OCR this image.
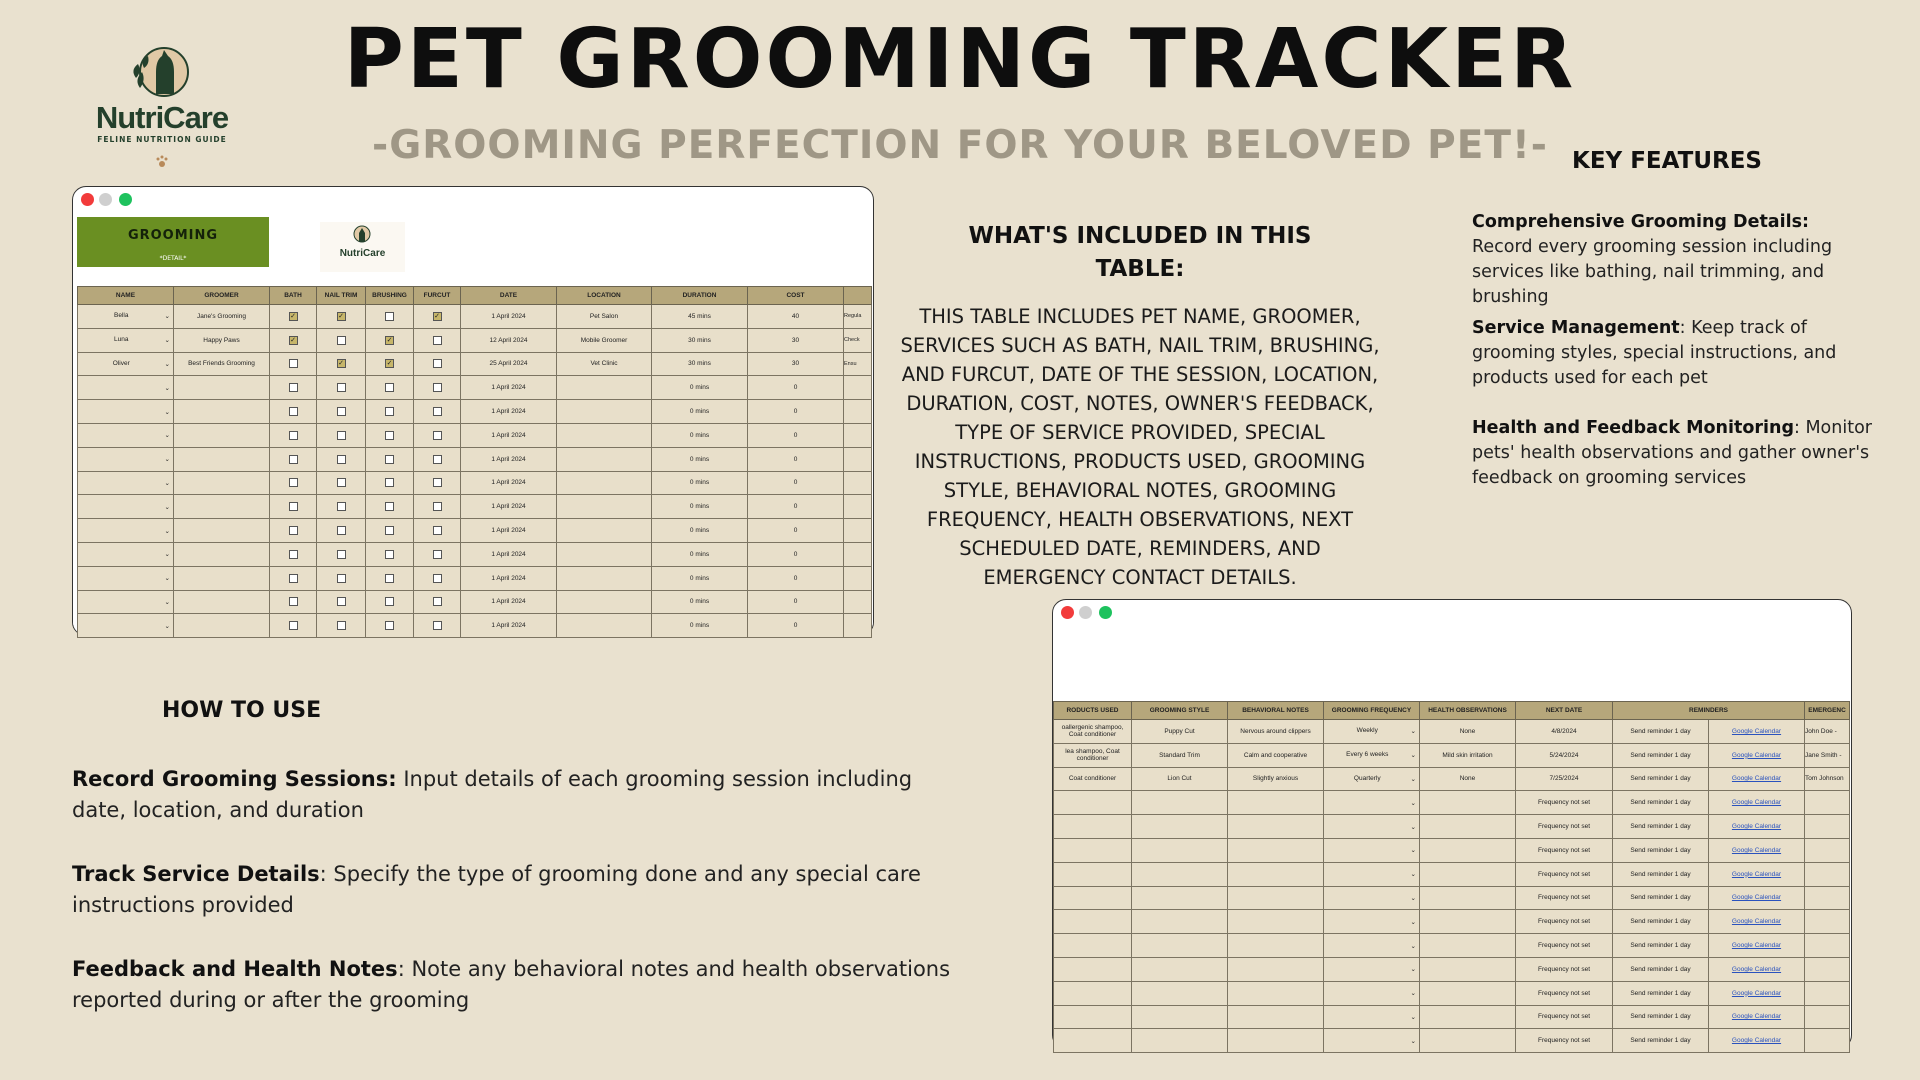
PET GROOMING TRACKER
-GROOMING PERFECTION FOR YOUR BELOVED PET!-
NutriCare
FELINE NUTRITION GUIDE
GROOMING
*DETAIL*	NutriCare
NAME	GROOMER	BATH	NAIL TRIM	BRUSHING	FURCUT	DATE	LOCATION	DURATION	COST	
Bella ⌄	Jane's Grooming	✓	✓		✓	1 April 2024	Pet Salon	45 mins	40	Regula
Luna ⌄	Happy Paws	✓		✓		12 April 2024	Mobile Groomer	30 mins	30	Check
Oliver ⌄	Best Friends Grooming		✓	✓		25 April 2024	Vet Clinic	30 mins	30	Ensu

⌄						1 April 2024		0 mins	0	

⌄						1 April 2024		0 mins	0	

⌄						1 April 2024		0 mins	0	

⌄						1 April 2024		0 mins	0	

⌄						1 April 2024		0 mins	0	

⌄						1 April 2024		0 mins	0	

⌄						1 April 2024		0 mins	0	

⌄						1 April 2024		0 mins	0	

⌄						1 April 2024		0 mins	0	

⌄						1 April 2024		0 mins	0	

⌄						1 April 2024		0 mins	0	
WHAT'S INCLUDED IN THIS TABLE:
THIS TABLE INCLUDES PET NAME, GROOMER, SERVICES SUCH AS BATH, NAIL TRIM, BRUSHING, AND FURCUT, DATE OF THE SESSION, LOCATION, DURATION, COST, NOTES, OWNER'S FEEDBACK, TYPE OF SERVICE PROVIDED, SPECIAL INSTRUCTIONS, PRODUCTS USED, GROOMING STYLE, BEHAVIORAL NOTES, GROOMING FREQUENCY, HEALTH OBSERVATIONS, NEXT SCHEDULED DATE, REMINDERS, AND EMERGENCY CONTACT DETAILS.
KEY FEATURES
Comprehensive Grooming Details: Record every grooming session including services like bathing, nail trimming, and brushing
Service Management: Keep track of grooming styles, special instructions, and products used for each pet
Health and Feedback Monitoring: Monitor pets' health observations and gather owner's feedback on grooming services
HOW TO USE
Record Grooming Sessions: Input details of each grooming session including date, location, and duration
Track Service Details: Specify the type of grooming done and any special care instructions provided
Feedback and Health Notes: Note any behavioral notes and health observations reported during or after the grooming
RODUCTS USED	GROOMING STYLE	BEHAVIORAL NOTES	GROOMING FREQUENCY	HEALTH OBSERVATIONS	NEXT DATE	REMINDERS		EMERGENC
oallergenic shampoo, Coat conditioner	Puppy Cut	Nervous around clippers	Weekly ⌄	None	4/8/2024	Send reminder 1 day	Google Calendar	John Doe -
lea shampoo, Coat conditioner	Standard Trim	Calm and cooperative	Every 6 weeks ⌄	Mild skin irritation	5/24/2024	Send reminder 1 day	Google Calendar	Jane Smith -
Coat conditioner	Lion Cut	Slightly anxious	Quarterly ⌄	None	7/25/2024	Send reminder 1 day	Google Calendar	Tom Johnson

			⌄		Frequency not set	Send reminder 1 day	Google Calendar	

			⌄		Frequency not set	Send reminder 1 day	Google Calendar	

			⌄		Frequency not set	Send reminder 1 day	Google Calendar	

			⌄		Frequency not set	Send reminder 1 day	Google Calendar	

			⌄		Frequency not set	Send reminder 1 day	Google Calendar	

			⌄		Frequency not set	Send reminder 1 day	Google Calendar	

			⌄		Frequency not set	Send reminder 1 day	Google Calendar	

			⌄		Frequency not set	Send reminder 1 day	Google Calendar	

			⌄		Frequency not set	Send reminder 1 day	Google Calendar	

			⌄		Frequency not set	Send reminder 1 day	Google Calendar	

			⌄		Frequency not set	Send reminder 1 day	Google Calendar	
